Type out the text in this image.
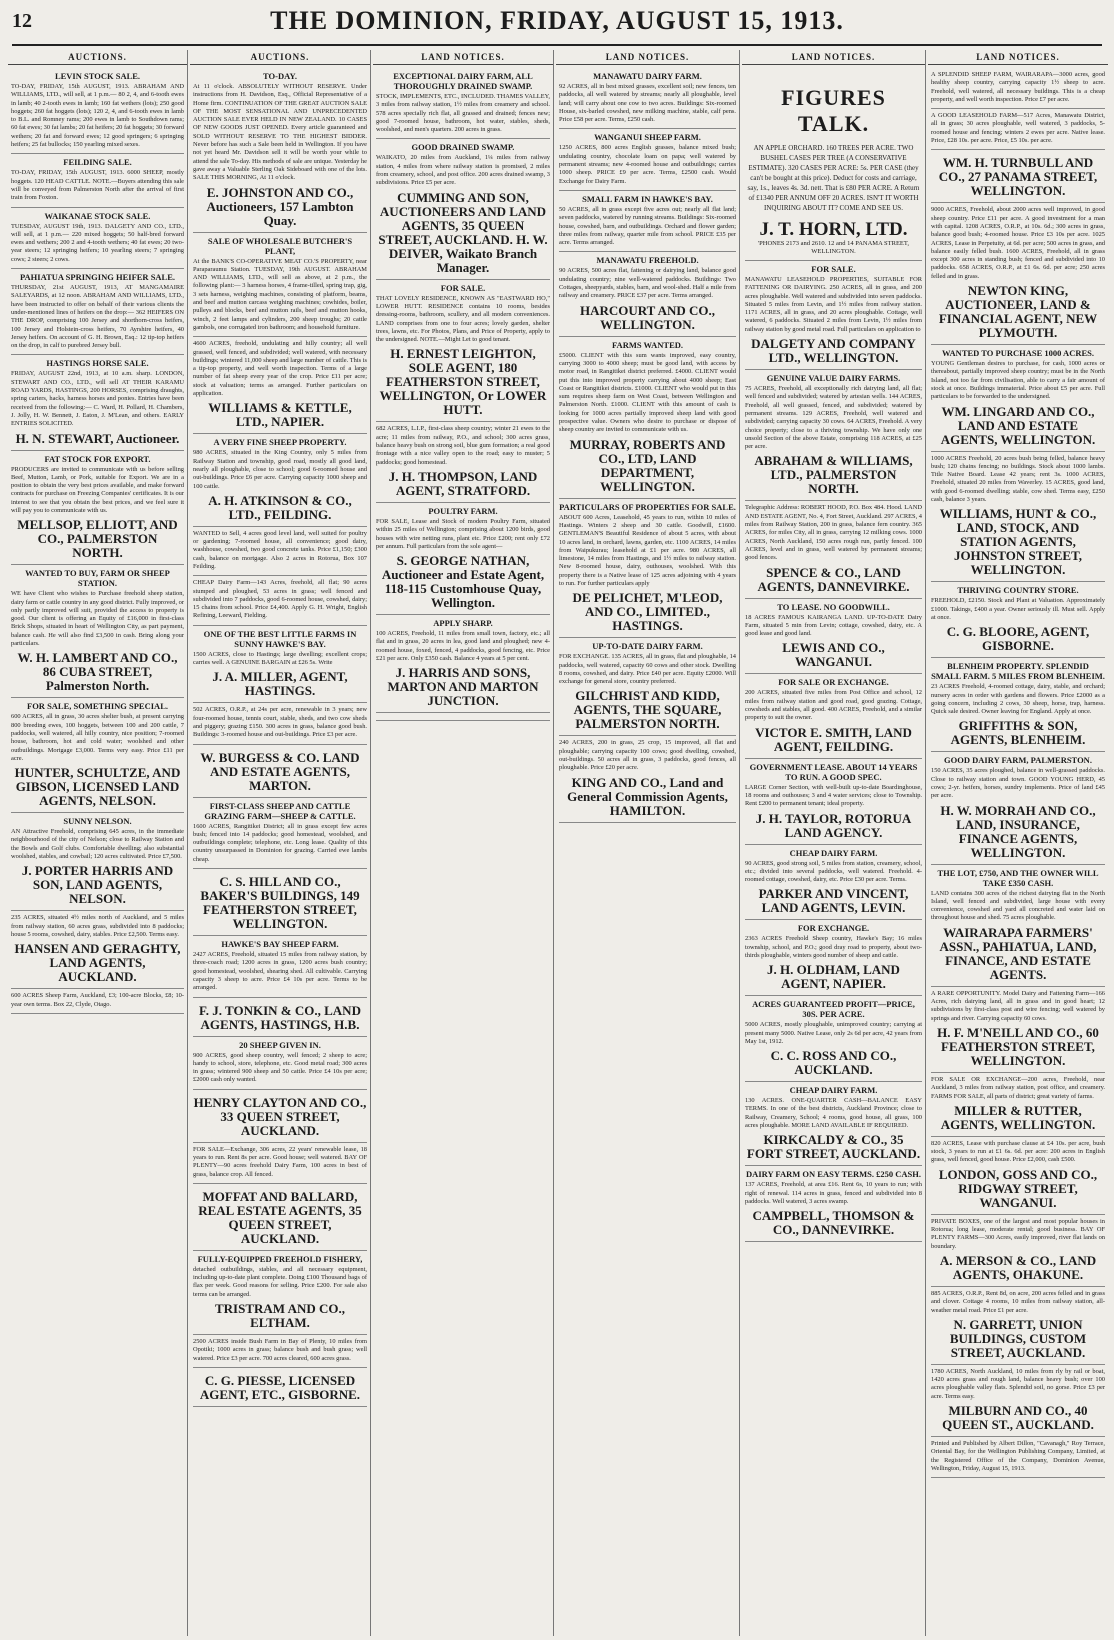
12	THE DOMINION, FRIDAY, AUGUST 15, 1913.
AUCTIONS.
LEVIN STOCK SALE.
TO-DAY, FRIDAY, 15th AUGUST, 1913. ABRAHAM AND WILLIAMS, LTD., will sell, at 1 p.m.— 80 2, 4, and 6-tooth ewes in lamb; 40 2-tooth ewes in lamb; 160 fat wethers (lots); 250 good hoggets; 260 fat hoggets (lots); 120 2, 4, and 6-tooth ewes in lamb to B.L. and Romney rams; 200 ewes in lamb to Southdown rams; 60 fat ewes; 30 fat lambs; 20 fat heifers; 20 fat hoggets; 30 forward wethers; 20 fat and forward ewes; 12 good springers; 6 springing heifers; 25 fat bullocks; 150 yearling mixed sexes.
FEILDING SALE.
TO-DAY, FRIDAY, 15th AUGUST, 1913. 6000 SHEEP, mostly hoggets. 120 HEAD CATTLE. NOTE.—Buyers attending this sale will be conveyed from Palmerston North after the arrival of first train from Foxton.
WAIKANAE STOCK SALE.
TUESDAY, AUGUST 19th, 1913. DALGETY AND CO., LTD., will sell, at 1 p.m.— 220 mixed hoggets; 50 half-bred forward ewes and wethers; 200 2 and 4-tooth wethers; 40 fat ewes; 20 two-year steers; 12 springing heifers; 10 yearling steers; 7 springing cows; 2 steers; 2 cows.
PAHIATUA SPRINGING HEIFER SALE.
THURSDAY, 21st AUGUST, 1913, AT MANGAMAIRE SALEYARDS, at 12 noon. ABRAHAM AND WILLIAMS, LTD., have been instructed to offer on behalf of their various clients the under-mentioned lines of heifers on the drop:— 362 HEIFERS ON THE DROP, comprising 100 Jersey and shorthorn-cross heifers, 100 Jersey and Holstein-cross heifers, 70 Ayrshire heifers, 40 Jersey heifers. On account of G. H. Brown, Esq.: 12 tip-top heifers on the drop, in calf to purebred Jersey bull.
HASTINGS HORSE SALE.
FRIDAY, AUGUST 22nd, 1913, at 10 a.m. sharp. LONDON, STEWART AND CO., LTD., will sell AT THEIR KARAMU ROAD YARDS, HASTINGS, 200 HORSES, comprising draughts, spring carters, hacks, harness horses and ponies. Entries have been received from the following:— C. Ward, H. Pollard, H. Chambers, J. Jolly, H. W. Bennett, J. Eaton, J. M'Lean, and others. EARLY ENTRIES SOLICITED.
H. N. STEWART, Auctioneer.
FAT STOCK FOR EXPORT.
PRODUCERS are invited to communicate with us before selling Beef, Mutton, Lamb, or Pork, suitable for Export. We are in a position to obtain the very best prices available, and make forward contracts for purchase on Freezing Companies' certificates. It is our interest to see that you obtain the best prices, and we feel sure it will pay you to communicate with us.
MELLSOP, ELLIOTT, AND CO., PALMERSTON NORTH.
WANTED TO BUY, FARM OR SHEEP STATION.
WE have Client who wishes to Purchase freehold sheep station, dairy farm or cattle country in any good district. Fully improved, or only partly improved will suit, provided the access to property is good. Our client is offering an Equity of £16,000 in first-class Brick Shops, situated in heart of Wellington City, as part payment, balance cash. He will also find £3,500 in cash. Bring along your particulars.
W. H. LAMBERT AND CO., 86 CUBA STREET, Palmerston North.
FOR SALE, SOMETHING SPECIAL.
600 ACRES, all in grass, 30 acres shelter bush, at present carrying 800 breeding ewes, 100 hoggets, between 100 and 200 cattle, 7 paddocks, well watered, all hilly country, nice position; 7-roomed house, bathroom, hot and cold water; woolshed and other outbuildings. Mortgage £3,000. Terms very easy. Price £11 per acre.
HUNTER, SCHULTZE, AND GIBSON, LICENSED LAND AGENTS, NELSON.
SUNNY NELSON.
AN Attractive Freehold, comprising 645 acres, in the immediate neighbourhood of the city of Nelson; close to Railway Station and the Bowls and Golf clubs. Comfortable dwelling; also substantial woolshed, stables, and cowbail; 120 acres cultivated. Price £7,500.
J. PORTER HARRIS AND SON, LAND AGENTS, NELSON.
235 ACRES, situated 4½ miles north of Auckland, and 5 miles from railway station, 60 acres grass, subdivided into 8 paddocks; house 5 rooms, cowshed, dairy, stables. Price £2,500. Terms easy.
HANSEN AND GERAGHTY, LAND AGENTS, AUCKLAND.
600 ACRES Sheep Farm, Auckland, £3; 100-acre Blocks, £8; 10-year own terms. Box 22, Clyde, Otago.
AUCTIONS.
TO-DAY.
At 11 o'clock. ABSOLUTELY WITHOUT RESERVE. Under instructions from H. Davidson, Esq., Official Representative of a Home firm. CONTINUATION OF THE GREAT AUCTION SALE OF THE MOST SENSATIONAL AND UNPRECEDENTED AUCTION SALE EVER HELD IN NEW ZEALAND. 10 CASES OF NEW GOODS JUST OPENED. Every article guaranteed and SOLD WITHOUT RESERVE TO THE HIGHEST BIDDER. Never before has such a Sale been held in Wellington. If you have not yet heard Mr. Davidson sell it will be worth your while to attend the sale To-day. His methods of sale are unique. Yesterday he gave away a Valuable Sterling Oak Sideboard with one of the lots. SALE THIS MORNING, At 11 o'clock.
E. JOHNSTON AND CO., Auctioneers, 157 Lambton Quay.
SALE OF WHOLESALE BUTCHER'S PLANT,
At the BANK'S CO-OPERATIVE MEAT CO.'S PROPERTY, near Paraparaumu Station. TUESDAY, 19th AUGUST. ABRAHAM AND WILLIAMS, LTD., will sell as above, at 2 p.m., the following plant:— 3 harness horses, 4 frame-tilled, spring trap, gig, 3 sets harness, weighing machines, consisting of platform, beams, and beef and mutton carcass weighing machines; cowhides, boiler, pulleys and blocks, beef and mutton rails, beef and mutton hooks, winch, 2 feet lamps and cylinders, 200 sheep troughs; 20 cattle gambols, one corrugated iron bathroom; and household furniture.
4600 ACRES, freehold, undulating and hilly country; all well grassed, well fenced, and subdivided; well watered, with necessary buildings; wintered 11,000 sheep and large number of cattle. This is a tip-top property, and well worth inspection. Terms of a large number of fat sheep every year of the crop. Price £11 per acre; stock at valuation; terms as arranged. Further particulars on application.
WILLIAMS & KETTLE, LTD., NAPIER.
A VERY FINE SHEEP PROPERTY.
980 ACRES, situated in the King Country, only 5 miles from Railway Station and township, good road, mostly all good land, nearly all ploughable, close to school; good 6-roomed house and out-buildings. Price £6 per acre. Carrying capacity 1000 sheep and 100 cattle.
A. H. ATKINSON & CO., LTD., FEILDING.
WANTED to Sell, 4 acres good level land, well suited for poultry or gardening; 7-roomed house, all convenience; good dairy, washhouse, cowshed, two good concrete tanks. Price £1,150; £300 cash, balance on mortgage. Also 2 acres in Rotorua, Box 107 Feilding.
CHEAP Dairy Farm—143 Acres, freehold, all flat; 90 acres stumped and ploughed, 53 acres in grass; well fenced and subdivided into 7 paddocks, good 6-roomed house, cowshed, dairy; 15 chains from school. Price £4,400. Apply G. H. Wright, English Refining, Leeward, Fielding.
ONE OF THE BEST LITTLE FARMS IN SUNNY HAWKE'S BAY.
1500 ACRES, close to Hastings; large dwelling; excellent crops; carries well. A GENUINE BARGAIN at £26 5s. Write
J. A. MILLER, AGENT, HASTINGS.
502 ACRES, O.R.P., at 24s per acre, renewable in 3 years; new four-roomed house, tennis court, stable, sheds, and two cow sheds and piggery; grazing £150. 300 acres in grass, balance good bush. Buildings: 3-roomed house and out-buildings. Price £3 per acre.
W. BURGESS & CO. LAND AND ESTATE AGENTS, MARTON.
FIRST-CLASS SHEEP AND CATTLE GRAZING FARM—SHEEP & CATTLE.
1600 ACRES, Rangitikei District; all in grass except few acres bush; fenced into 14 paddocks; good homestead, woolshed, and outbuildings complete; telephone, etc. Long lease. Quality of this country unsurpassed in Dominion for grazing. Carried ewe lambs cheap.
C. S. HILL AND CO., BAKER'S BUILDINGS, 149 FEATHERSTON STREET, WELLINGTON.
HAWKE'S BAY SHEEP FARM.
2427 ACRES, Freehold, situated 15 miles from railway station, by three-coach road; 1200 acres in grass, 1200 acres bush country; good homestead, woolshed, shearing shed. All cultivable. Carrying capacity 3 sheep to acre. Price £4 10s per acre. Terms to be arranged.
F. J. TONKIN & CO., LAND AGENTS, HASTINGS, H.B.
20 SHEEP GIVEN IN.
900 ACRES, good sheep country, well fenced; 2 sheep to acre; handy to school, store, telephone, etc. Good metal road; 300 acres in grass; wintered 900 sheep and 50 cattle. Price £4 10s per acre; £2000 cash only wanted.
HENRY CLAYTON AND CO., 33 QUEEN STREET, AUCKLAND.
FOR SALE—Exchange, 306 acres, 22 years' renewable lease, 18 years to run. Rent 8s per acre. Good house; well watered. BAY OF PLENTY—90 acres freehold Dairy Farm, 100 acres in best of grass, balance crop. All fenced.
MOFFAT AND BALLARD, REAL ESTATE AGENTS, 35 QUEEN STREET, AUCKLAND.
FULLY-EQUIPPED FREEHOLD FISHERY,
detached outbuildings, stables, and all necessary equipment, including up-to-date plant complete. Doing £100 Thousand bags of flax per week. Good reasons for selling. Price £200. For sale also terms can be arranged.
TRISTRAM AND CO., ELTHAM.
2500 ACRES inside Bush Farm in Bay of Plenty, 10 miles from Opotiki; 1000 acres in grass; balance bush and bush grass; well watered. Price £3 per acre. 700 acres cleared, 600 acres grass.
C. G. PIESSE, LICENSED AGENT, ETC., GISBORNE.
LAND NOTICES.
EXCEPTIONAL DAIRY FARM, ALL THOROUGHLY DRAINED SWAMP.
STOCK, IMPLEMENTS, ETC., INCLUDED. THAMES VALLEY, 3 miles from railway station, 1½ miles from creamery and school. 578 acres specially rich flat, all grassed and drained; fences new; good 7-roomed house, bathroom, hot water, stables, sheds, woolshed, and men's quarters. 200 acres in grass.
GOOD DRAINED SWAMP.
WAIKATO, 20 miles from Auckland, 1¼ miles from railway station, 4 miles from where railway station is promised, 2 miles from creamery, school, and post office. 200 acres drained swamp, 3 subdivisions. Price £5 per acre.
CUMMING AND SON, AUCTIONEERS AND LAND AGENTS, 35 QUEEN STREET, AUCKLAND. H. W. DEIVER, Waikato Branch Manager.
FOR SALE.
THAT LOVELY RESIDENCE, KNOWN AS "EASTWARD HO," LOWER HUTT. RESIDENCE contains 10 rooms, besides dressing-rooms, bathroom, scullery, and all modern conveniences. LAND comprises from one to four acres; lovely garden, shelter trees, lawns, etc. For Photos, Plans, and Price of Property, apply to the undersigned. NOTE.—Might Let to good tenant.
H. ERNEST LEIGHTON, SOLE AGENT, 180 FEATHERSTON STREET, WELLINGTON, Or LOWER HUTT.
682 ACRES, L.I.P., first-class sheep country; winter 21 ewes to the acre; 11 miles from railway, P.O., and school; 300 acres grass, balance heavy bush on strong soil, blue gum formation; a real good frontage with a nice valley open to the road; easy to muster; 5 paddocks; good homestead.
J. H. THOMPSON, LAND AGENT, STRATFORD.
POULTRY FARM.
FOR SALE, Lease and Stock of modern Poultry Farm, situated within 25 miles of Wellington; comprising about 1200 birds, good houses with wire netting runs, plant etc. Price £200; rent only £72 per annum. Full particulars from the sole agent—
S. GEORGE NATHAN, Auctioneer and Estate Agent, 118-115 Customhouse Quay, Wellington.
APPLY SHARP.
100 ACRES, Freehold, 11 miles from small town, factory, etc.; all flat and in grass, 20 acres in lea, good land and ploughed; new 4-roomed house, foxed, fenced, 4 paddocks, good fencing, etc. Price £21 per acre. Only £350 cash. Balance 4 years at 5 per cent.
J. HARRIS AND SONS, MARTON AND MARTON JUNCTION.
LAND NOTICES.
MANAWATU DAIRY FARM.
92 ACRES, all in best mixed grasses, excellent soil; new fences, ten paddocks, all well watered by streams; nearly all ploughable, level land; will carry about one cow to two acres. Buildings: Six-roomed House, six-barled cowshed, new milking machine, stable, calf pens. Price £58 per acre. Terms, £250 cash.
WANGANUI SHEEP FARM.
1250 ACRES, 800 acres English grasses, balance mixed bush; undulating country, chocolate loam on papa; well watered by permanent streams; new 4-roomed house and outbuildings; carries 1000 sheep. PRICE £9 per acre. Terms, £2500 cash. Would Exchange for Dairy Farm.
SMALL FARM IN HAWKE'S BAY.
50 ACRES, all in grass except five acres out; nearly all flat land; seven paddocks, watered by running streams. Buildings: Six-roomed house, cowshed, barn, and outbuildings. Orchard and flower garden; three miles from railway, quarter mile from school. PRICE £35 per acre. Terms arranged.
MANAWATU FREEHOLD.
90 ACRES, 500 acres flat, fattening or dairying land, balance good undulating country; nine well-watered paddocks. Buildings: Two Cottages, sheepyards, stables, barn, and wool-shed. Half a mile from railway and creamery. PRICE £37 per acre. Terms arranged.
HARCOURT AND CO., WELLINGTON.
FARMS WANTED.
£5000. CLIENT with this sum wants improved, easy country, carrying 3000 to 4000 sheep; must be good land, with access by motor road, in Rangitikei district preferred. £4000. CLIENT would put this into improved property carrying about 4000 sheep; East Coast or Rangitikei districts. £1000. CLIENT who would put in this sum requires sheep farm on West Coast, between Wellington and Palmerston North. £1000. CLIENT with this amount of cash is looking for 1000 acres partially improved sheep land with good prospective value. Owners who desire to purchase or dispose of sheep country are invited to communicate with us.
MURRAY, ROBERTS AND CO., LTD, LAND DEPARTMENT, WELLINGTON.
PARTICULARS OF PROPERTIES FOR SALE.
ABOUT 600 Acres, Leasehold, 45 years to run, within 10 miles of Hastings. Winters 2 sheep and 30 cattle. Goodwill, £1600. GENTLEMAN'S Beautiful Residence of about 5 acres, with about 10 acres land, in orchard, lawns, garden, etc. 1100 ACRES, 14 miles from Waipukurau; leasehold at £1 per acre. 980 ACRES, all limestone, 14 miles from Hastings, and 1½ miles to railway station. New 8-roomed house, dairy, outhouses, woolshed. With this property there is a Native lease of 125 acres adjoining with 4 years to run. For further particulars apply
DE PELICHET, M'LEOD, AND CO., LIMITED., HASTINGS.
UP-TO-DATE DAIRY FARM.
FOR EXCHANGE. 135 ACRES, all in grass, flat and ploughable, 14 paddocks, well watered, capacity 60 cows and other stock. Dwelling 8 rooms, cowshed, and dairy. Price £40 per acre. Equity £2000. Will exchange for general store, country preferred.
GILCHRIST AND KIDD, AGENTS, THE SQUARE, PALMERSTON NORTH.
240 ACRES, 200 in grass, 25 crop, 15 improved, all flat and ploughable; carrying capacity 100 cows; good dwelling, cowshed, out-buildings. 50 acres all in grass, 3 paddocks, good fences, all ploughable. Price £20 per acre.
KING AND CO., Land and General Commission Agents, HAMILTON.
LAND NOTICES.
FIGURES TALK.
AN APPLE ORCHARD. 160 TREES PER ACRE. TWO BUSHEL CASES PER TREE (A CONSERVATIVE ESTIMATE). 320 CASES PER ACRE: 5s. PER CASE (they can't be bought at this price). Deduct for costs and carriage, say, 1s., leaves 4s. 3d. nett. That is £80 PER ACRE. A Return of £1340 PER ANNUM OFF 20 ACRES. ISN'T IT WORTH INQUIRING ABOUT IT? COME AND SEE US.
J. T. HORN, LTD.
'PHONES 2173 and 2610. 12 and 14 PANAMA STREET, WELLINGTON.
FOR SALE.
MANAWATU LEASEHOLD PROPERTIES, SUITABLE FOR FATTENING OR DAIRYING. 250 ACRES, all in grass, and 200 acres ploughable. Well watered and subdivided into seven paddocks. Situated 5 miles from Levin, and 1½ miles from railway station. 1171 ACRES, all in grass, and 20 acres ploughable. Cottage, well watered, 6 paddocks. Situated 2 miles from Levin, 1½ miles from railway station by good metal road. Full particulars on application to
DALGETY AND COMPANY LTD., WELLINGTON.
GENUINE VALUE DAIRY FARMS.
75 ACRES, Freehold, all exceptionally rich dairying land, all flat; well fenced and subdivided; watered by artesian wells. 144 ACRES, Freehold, all well grassed, fenced, and subdivided; watered by permanent streams. 129 ACRES, Freehold, well watered and subdivided; carrying capacity 30 cows. 64 ACRES, Freehold. A very choice property; close to a thriving township. We have only one unsold Section of the above Estate, comprising 118 ACRES, at £25 per acre.
ABRAHAM & WILLIAMS, LTD., PALMERSTON NORTH.
Telegraphic Address: ROBERT HOOD, P.O. Box 484. Hood. LAND AND ESTATE AGENT, No. 4, Fort Street, Auckland. 297 ACRES, 4 miles from Railway Station, 200 in grass, balance fern country. 365 ACRES, for miles City, all in grass, carrying 12 milking cows. 1000 ACRES, North Auckland, 150 acres rough run, partly fenced. 100 ACRES, level and in grass, well watered by permanent streams; good fences.
SPENCE & CO., LAND AGENTS, DANNEVIRKE.
TO LEASE. NO GOODWILL.
18 ACRES FAMOUS KAIRANGA LAND. UP-TO-DATE Dairy Farm, situated 5 min from Levin; cottage, cowshed, dairy, etc. A good lease and good land.
LEWIS AND CO., WANGANUI.
FOR SALE OR EXCHANGE.
200 ACRES, situated five miles from Post Office and school, 12 miles from railway station and good road, good grazing. Cottage, cowsheds and stables, all good. 400 ACRES, Freehold, and a similar property to suit the owner.
VICTOR E. SMITH, LAND AGENT, FEILDING.
GOVERNMENT LEASE. ABOUT 14 YEARS TO RUN. A GOOD SPEC.
LARGE Corner Section, with well-built up-to-date Boardinghouse, 18 rooms and outhouses; 3 and 4 water services; close to Township. Rent £200 to permanent tenant; ideal property.
J. H. TAYLOR, ROTORUA LAND AGENCY.
CHEAP DAIRY FARM.
90 ACRES, good strong soil, 5 miles from station, creamery, school, etc.; divided into several paddocks, well watered. Freehold. 4-roomed cottage, cowshed, dairy, etc. Price £30 per acre. Terms.
PARKER AND VINCENT, LAND AGENTS, LEVIN.
FOR EXCHANGE.
2363 ACRES Freehold Sheep country, Hawke's Bay; 16 miles township, school, and P.O.; good dray road to property, about two-thirds ploughable, winters good number of sheep and cattle.
J. H. OLDHAM, LAND AGENT, NAPIER.
ACRES GUARANTEED PROFIT—PRICE, 30S. PER ACRE.
5000 ACRES, mostly ploughable, unimproved country; carrying at present many 5000. Native Lease, only 2s 6d per acre, 42 years from May 1st, 1912.
C. C. ROSS AND CO., AUCKLAND.
CHEAP DAIRY FARM.
130 ACRES. ONE-QUARTER CASH—BALANCE EASY TERMS. In one of the best districts, Auckland Province; close to Railway, Creamery, School; 4 rooms, good house, all grass, 100 acres ploughable. MORE LAND AVAILABLE IF REQUIRED.
KIRKCALDY & CO., 35 FORT STREET, AUCKLAND.
DAIRY FARM ON EASY TERMS. £250 CASH.
137 ACRES, Freehold, at area £16. Rent 6s, 10 years to run; with right of renewal. 114 acres in grass, fenced and subdivided into 8 paddocks. Well watered, 3 acres swamp.
CAMPBELL, THOMSON & CO., DANNEVIRKE.
LAND NOTICES.
A SPLENDID SHEEP FARM, WAIRARAPA—3000 acres, good healthy sheep country, carrying capacity 1½ sheep to acre. Freehold, well watered, all necessary buildings. This is a cheap property, and well worth inspection. Price £7 per acre.
A GOOD LEASEHOLD FARM—517 Acres, Manawatu District, all in grass; 30 acres ploughable, well watered, 3 paddocks, 5-roomed house and fencing; winters 2 ewes per acre. Native lease. Price, £28 10s. per acre. Price, £5 10s. per acre.
WM. H. TURNBULL AND CO., 27 PANAMA STREET, WELLINGTON.
9000 ACRES, Freehold, about 2000 acres well improved, in good sheep country. Price £11 per acre. A good investment for a man with capital. 1208 ACRES, O.R.P., at 10s. 6d.; 300 acres in grass, balance good bush; 4-roomed house. Price £3 10s per acre. 1025 ACRES, Lease in Perpetuity, at 6d. per acre; 500 acres in grass, and balance easily felled bush. 1600 ACRES, Freehold, all in grass except 300 acres in standing bush; fenced and subdivided into 10 paddocks. 658 ACRES, O.R.P., at £1 6s. 6d. per acre; 250 acres felled and in grass.
NEWTON KING, AUCTIONEER, LAND & FINANCIAL AGENT, NEW PLYMOUTH.
WANTED TO PURCHASE 1000 ACRES.
YOUNG Gentleman desires to purchase, for cash, 1000 acres or thereabout, partially improved sheep country; must be in the North Island, not too far from civilisation, able to carry a fair amount of stock at once. Buildings immaterial. Price about £5 per acre. Full particulars to be forwarded to the undersigned.
WM. LINGARD AND CO., LAND AND ESTATE AGENTS, WELLINGTON.
1000 ACRES Freehold, 20 acres bush being felled, balance heavy bush; 120 chains fencing; no buildings. Stock about 1000 lambs. Title Native Board. Lease 42 years; rent 3s. 1000 ACRES, Freehold, situated 20 miles from Waverley. 15 ACRES, good land, with good 6-roomed dwelling; stable, cow shed. Terms easy, £250 cash, balance 3 years.
WILLIAMS, HUNT & CO., LAND, STOCK, AND STATION AGENTS, JOHNSTON STREET, WELLINGTON.
THRIVING COUNTRY STORE.
FREEHOLD, £2150. Stock and Plant at Valuation. Approximately £1000. Takings, £400 a year. Owner seriously ill. Must sell. Apply at once.
C. G. BLOORE, AGENT, GISBORNE.
BLENHEIM PROPERTY. SPLENDID SMALL FARM. 5 MILES FROM BLENHEIM.
23 ACRES Freehold, 4-roomed cottage, dairy, stable, and orchard; nursery acres in order with gardens and flowers. Price £2000 as a going concern, including 2 cows, 30 sheep, horse, trap, harness. Quick sale desired. Owner leaving for England. Apply at once.
GRIFFITHS & SON, AGENTS, BLENHEIM.
GOOD DAIRY FARM, PALMERSTON.
150 ACRES, 35 acres ploughed, balance in well-grassed paddocks. Close to railway station and town. GOOD YOUNG HERD, 45 cows; 2-yr. heifers, horses, sundry implements. Price of land £45 per acre.
H. W. MORRAH AND CO., LAND, INSURANCE, FINANCE AGENTS, WELLINGTON.
THE LOT, £750, AND THE OWNER WILL TAKE £350 CASH.
LAND contains 300 acres of the richest dairying flat in the North Island, well fenced and subdivided, large house with every convenience, cowshed and yard all concreted and water laid on throughout house and shed. 75 acres ploughable.
WAIRARAPA FARMERS' ASSN., PAHIATUA, LAND, FINANCE, AND ESTATE AGENTS.
A RARE OPPORTUNITY. Model Dairy and Fattening Farm—166 Acres, rich dairying land, all in grass and in good heart; 12 subdivisions by first-class post and wire fencing; well watered by springs and river. Carrying capacity 60 cows.
H. F. M'NEILL AND CO., 60 FEATHERSTON STREET, WELLINGTON.
FOR SALE OR EXCHANGE—200 acres, Freehold, near Auckland, 3 miles from railway station, post office, and creamery. FARMS FOR SALE, all parts of district; great variety of farms.
MILLER & RUTTER, AGENTS, WELLINGTON.
820 ACRES, Lease with purchase clause at £4 10s. per acre, bush stock, 3 years to run at £1 6s. 6d. per acre: 200 acres in English grass, well fenced, good house. Price £2,000, cash £500.
LONDON, GOSS AND CO., RIDGWAY STREET, WANGANUI.
PRIVATE BOXES, one of the largest and most popular houses in Rotorua; long lease, moderate rental; good business. BAY OF PLENTY FARMS—300 Acres, easily improved, river flat lands on boundary.
A. MERSON & CO., LAND AGENTS, OHAKUNE.
885 ACRES, O.R.P., Rent 8d, on acre, 200 acres felled and in grass and clover. Cottage 4 rooms, 10 miles from railway station, all-weather metal road. Price £1 per acre.
N. GARRETT, UNION BUILDINGS, CUSTOM STREET, AUCKLAND.
1780 ACRES, North Auckland, 10 miles from rly by rail or boat, 1420 acres grass and rough land, balance heavy bush; over 100 acres ploughable valley flats. Splendid soil, no gorse. Price £3 per acre. Terms easy.
MILBURN AND CO., 40 QUEEN ST., AUCKLAND.
Printed and Published by Albert Dillon, "Cavanagh," Roy Terrace, Oriental Bay, for the Wellington Publishing Company, Limited, at the Registered Office of the Company, Dominion Avenue, Wellington, Friday, August 15, 1913.
